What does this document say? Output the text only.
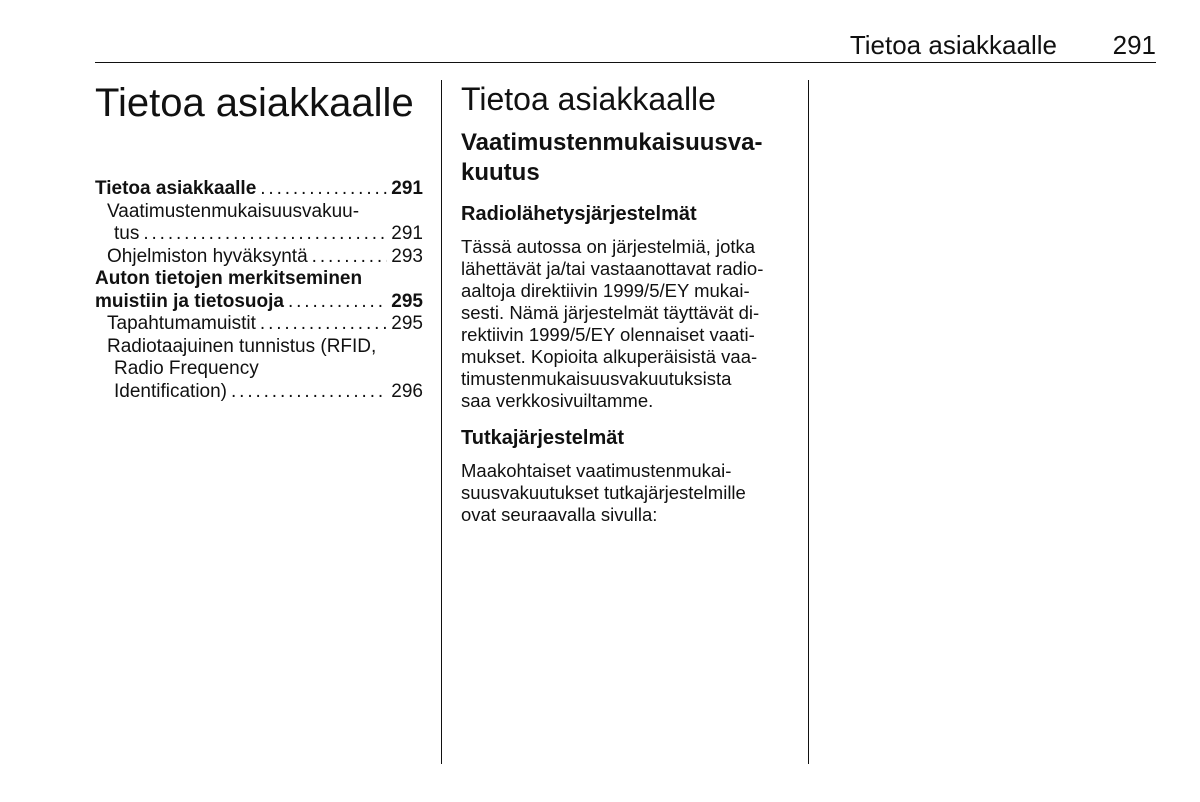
Tietoa asiakkaalle 291
Tietoa asiakkaalle
Tietoa asiakkaalle . . .	291
Vaatimustenmukaisuusvakuu-
tus . . .	291
Ohjelmiston hyväksyntä . . .	293
Auton tietojen merkitseminen
muistiin ja tietosuoja . . .	295
Tapahtumamuistit . . .	295
Radiotaajuinen tunnistus (RFID,
Radio Frequency
Identification) . . .	296
Tietoa asiakkaalle
Vaatimustenmukaisuusva-
kuutus
Radiolähetysjärjestelmät

Tässä autossa on järjestelmiä, jotka
lähettävät ja/tai vastaanottavat radio-
aaltoja direktiivin 1999/5/EY mukai-
sesti. Nämä järjestelmät täyttävät di-
rektiivin 1999/5/EY olennaiset vaati-
mukset. Kopioita alkuperäisistä vaa-
timustenmukaisuusvakuutuksista
saa verkkosivuiltamme.

Tutkajärjestelmät

Maakohtaiset vaatimustenmukai-
suusvakuutukset tutkajärjestelmille
ovat seuraavalla sivulla:
